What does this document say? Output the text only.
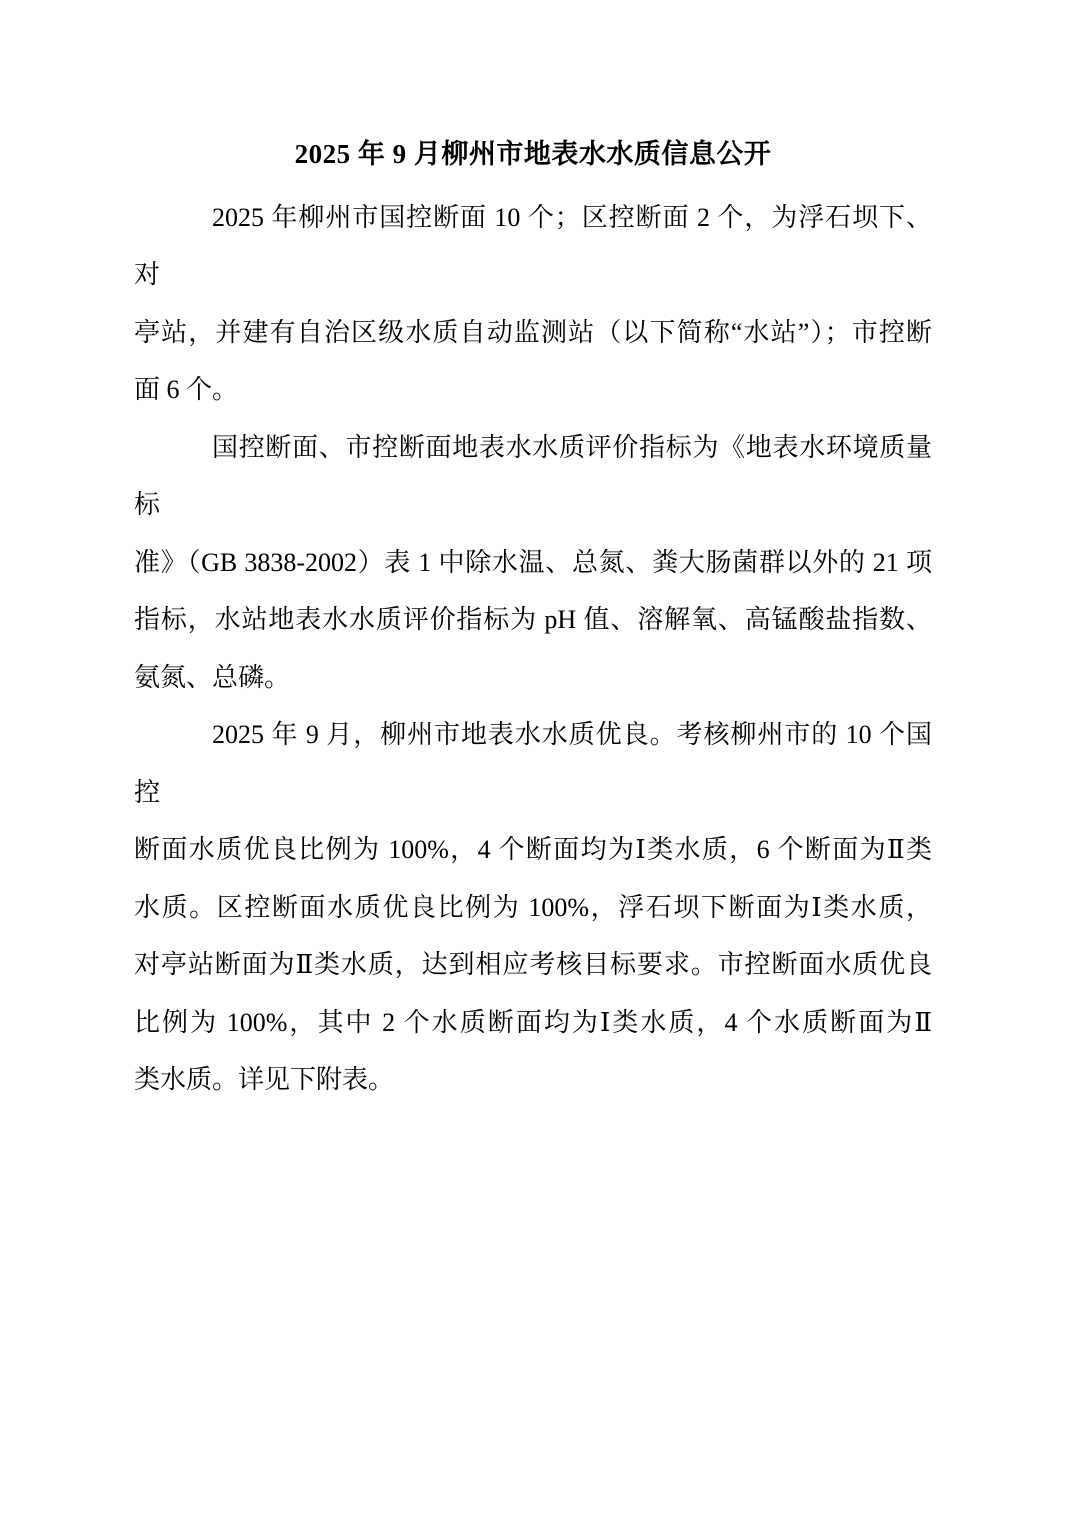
2025 年 9 月柳州市地表水水质信息公开
2025 年柳州市国控断面 10 个；区控断面 2 个，为浮石坝下、对
亭站，并建有自治区级水质自动监测站（以下简称“水站”）；市控断
面 6 个。
国控断面、市控断面地表水水质评价指标为《地表水环境质量标
准》（GB 3838-2002）表 1 中除水温、总氮、粪大肠菌群以外的 21 项
指标，水站地表水水质评价指标为 pH 值、溶解氧、高锰酸盐指数、
氨氮、总磷。
2025 年 9 月，柳州市地表水水质优良。考核柳州市的 10 个国控
断面水质优良比例为 100%，4 个断面均为Ⅰ类水质，6 个断面为Ⅱ类
水质。区控断面水质优良比例为 100%，浮石坝下断面为Ⅰ类水质，
对亭站断面为Ⅱ类水质，达到相应考核目标要求。市控断面水质优良
比例为 100%，其中 2 个水质断面均为Ⅰ类水质，4 个水质断面为Ⅱ
类水质。详见下附表。
